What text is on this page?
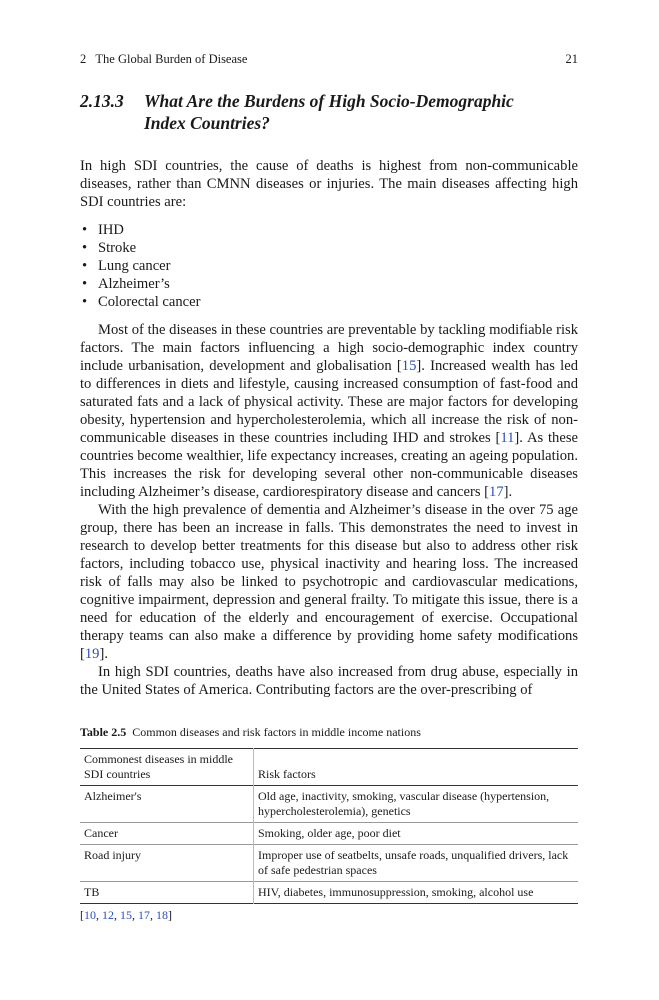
2   The Global Burden of Disease	21
2.13.3	What Are the Burdens of High Socio-Demographic
Index Countries?

In high SDI countries, the cause of deaths is highest from non-communicable diseases, rather than CMNN diseases or injuries. The main diseases affecting high SDI countries are:

• IHD
• Stroke
• Lung cancer
• Alzheimer’s
• Colorectal cancer

Most of the diseases in these countries are preventable by tackling modifiable risk factors. The main factors influencing a high socio-demographic index country include urbanisation, development and globalisation [15]. Increased wealth has led to differences in diets and lifestyle, causing increased consumption of fast-food and saturated fats and a lack of physical activity. These are major factors for developing obesity, hypertension and hypercholesterolemia, which all increase the risk of non-communicable diseases in these countries including IHD and strokes [11]. As these countries become wealthier, life expectancy increases, creating an ageing population. This increases the risk for developing several other non-communicable diseases including Alzheimer’s disease, cardiorespiratory disease and cancers [17].

With the high prevalence of dementia and Alzheimer’s disease in the over 75 age group, there has been an increase in falls. This demonstrates the need to invest in research to develop better treatments for this disease but also to address other risk factors, including tobacco use, physical inactivity and hearing loss. The increased risk of falls may also be linked to psychotropic and cardiovascular medications, cognitive impairment, depression and general frailty. To mitigate this issue, there is a need for education of the elderly and encouragement of exercise. Occupational therapy teams can also make a difference by providing home safety modifications [19].

In high SDI countries, deaths have also increased from drug abuse, especially in the United States of America. Contributing factors are the over-prescribing of

Table 2.5 Common diseases and risk factors in middle income nations
Commonest diseases in middle SDI countries	Risk factors
Alzheimer's	Old age, inactivity, smoking, vascular disease (hypertension, hypercholesterolemia), genetics
Cancer	Smoking, older age, poor diet
Road injury	Improper use of seatbelts, unsafe roads, unqualified drivers, lack of safe pedestrian spaces
TB	HIV, diabetes, immunosuppression, smoking, alcohol use
[10, 12, 15, 17, 18]
